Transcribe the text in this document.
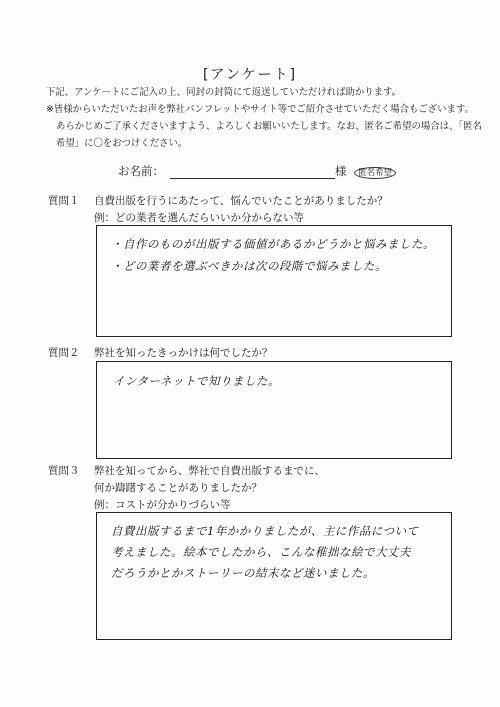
[アンケート]
下記、アンケートにご記入の上、同封の封筒にて返送していただければ助かります。
※皆様からいただいたお声を弊社パンフレットやサイト等でご紹介させていただく場合もございます。
あらかじめご了承くださいますよう、よろしくお願いいたします。なお、匿名ご希望の場合は、「匿名
希望」に〇をおつけください。
お名前：	様 匿名希望
質問１ 自費出版を行うにあたって、悩んでいたことがありましたか？
例：どの業者を選んだらいいか分からない等
・自作のものが出版する価値があるかどうかと悩みました。
・どの業者を選ぶべきかは次の段階で悩みました。
質問２ 弊社を知ったきっかけは何でしたか？
インターネットで知りました。
質問３ 弊社を知ってから、弊社で自費出版するまでに、
何か躊躇することがありましたか？
例：コストが分かりづらい等
自費出版するまで1年かかりましたが、主に作品について
考えました。絵本でしたから、こんな稚拙な絵で大丈夫
だろうかとかストーリーの結末など迷いました。
